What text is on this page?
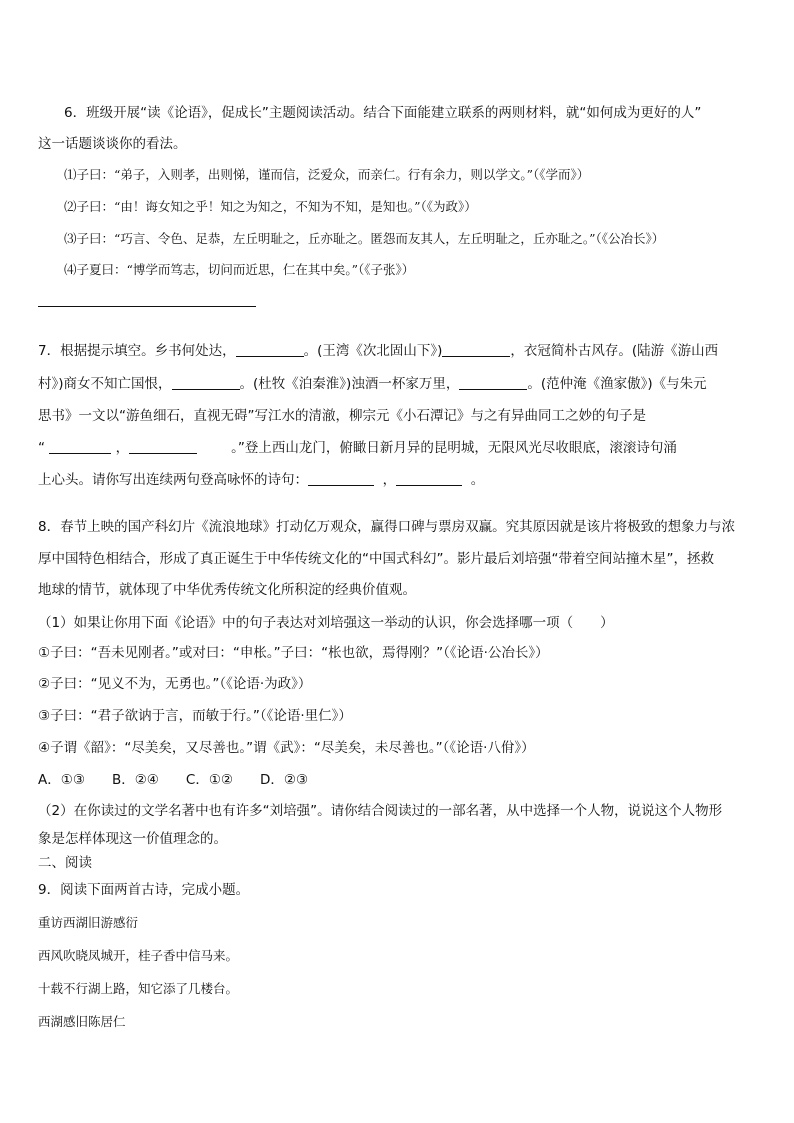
6．班级开展“读《论语》，促成长”主题阅读活动。结合下面能建立联系的两则材料，就“如何成为更好的人”
这一话题谈谈你的看法。
⑴子曰：“弟子，入则孝，出则悌，谨而信，泛爱众，而亲仁。行有余力，则以学文。”（《学而》）
⑵子曰：“由！诲女知之乎！知之为知之，不知为不知，是知也。”（《为政》）
⑶子曰：“巧言、令色、足恭，左丘明耻之，丘亦耻之。匿怨而友其人，左丘明耻之，丘亦耻之。”（《公冶长》）
⑷子夏曰：“博学而笃志，切问而近思，仁在其中矣。”（《子张》）
7．根据提示填空。乡书何处达，	。(王湾《次北固山下》)	，衣冠简朴古风存。(陆游《游山西
村》)商女不知亡国恨，	。(杜牧《泊秦淮》)浊酒一杯家万里，	。(范仲淹《渔家傲》)《与朱元
思书》一文以“游鱼细石，直视无碍”写江水的清澈，柳宗元《小石潭记》与之有异曲同工之妙的句子是
“	，	。”登上西山龙门，俯瞰日新月异的昆明城，无限风光尽收眼底，滚滚诗句涌
上心头。请你写出连续两句登高咏怀的诗句：	，	。
8．春节上映的国产科幻片《流浪地球》打动亿万观众，赢得口碑与票房双赢。究其原因就是该片将极致的想象力与浓
厚中国特色相结合，形成了真正诞生于中华传统文化的“中国式科幻”。影片最后刘培强“带着空间站撞木星”，拯救
地球的情节，就体现了中华优秀传统文化所积淀的经典价值观。
（1）如果让你用下面《论语》中的句子表达对刘培强这一举动的认识，你会选择哪一项（　　）
①子曰：“吾未见刚者。”或对曰：“申枨。”子曰：“枨也欲，焉得刚？”（《论语·公冶长》）
②子曰：“见义不为，无勇也。”（《论语·为政》）
③子曰：“君子欲讷于言，而敏于行。”（《论语·里仁》）
④子谓《韶》：“尽美矣，又尽善也。”谓《武》：“尽美矣，未尽善也。”（《论语·八佾》）
A．①③　　B．②④　　C．①②　　D．②③
（2）在你读过的文学名著中也有许多“刘培强”。请你结合阅读过的一部名著，从中选择一个人物，说说这个人物形
象是怎样体现这一价值理念的。
二、阅读
9．阅读下面两首古诗，完成小题。
重访西湖旧游感衍
西风吹晓凤城开，桂子香中信马来。
十载不行湖上路，知它添了几楼台。
西湖感旧陈居仁
